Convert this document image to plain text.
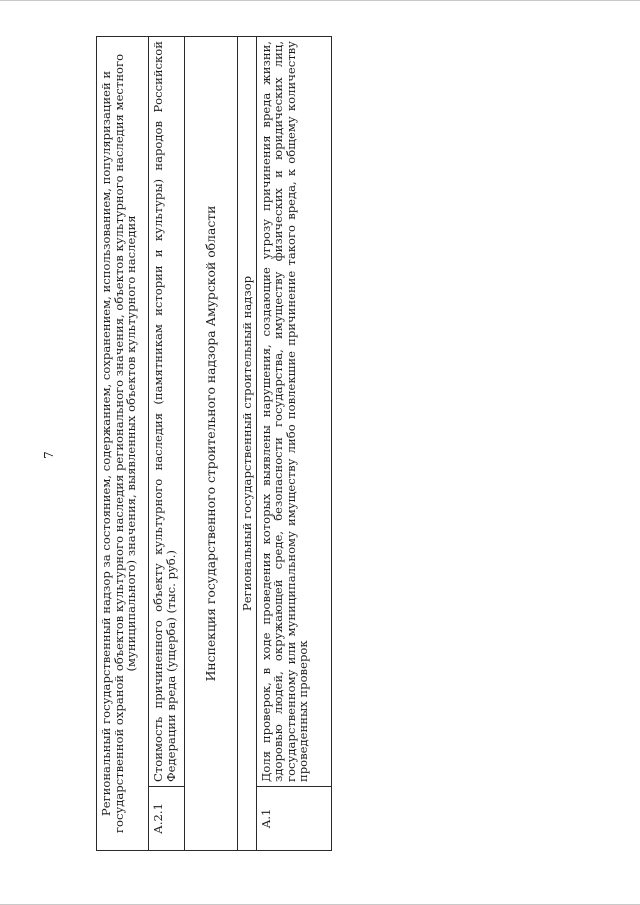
7	Региональный государственный надзор за состоянием, содержанием, сохранением, использованием, популяризацией и государственной охраной объектов культурного наследия регионального значения, объектов культурного наследия местного (муниципального) значения, выявленных объектов культурного наследия	
А.2.1	Стоимость причиненного объекту культурного наследия (памятникам истории и культуры) народов Российской Федерации вреда (ущерба) (тыс. руб.)
Инспекция государственного строительного надзора Амурской области	
Региональный государственный строительный надзор	
А.1	Доля проверок, в ходе проведения которых выявлены нарушения, создающие угрозу причинения вреда жизни, здоровью людей, окружающей среде, безопасности государства, имуществу физических и юридических лиц, государственному или муниципальному имуществу либо повлекшие причинение такого вреда, к общему количеству проведенных проверок
